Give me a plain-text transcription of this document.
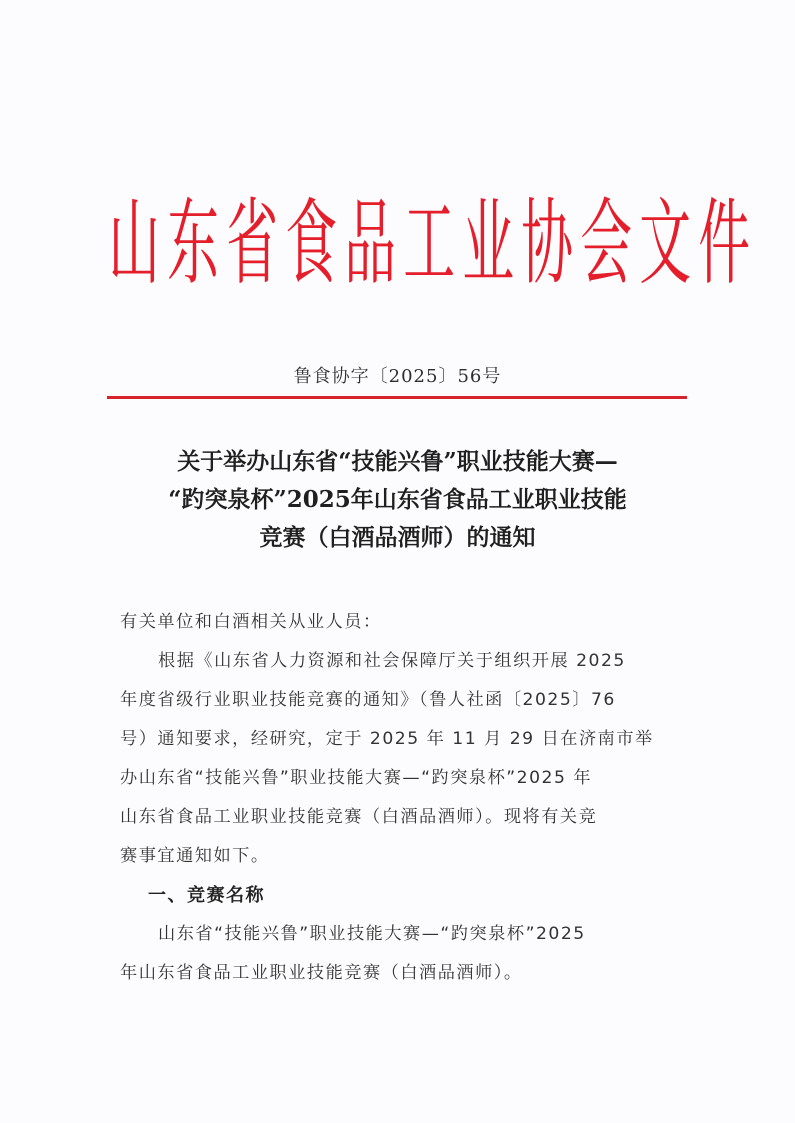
山 东 省 食 品 工 业 协 会 文 件
鲁食协字〔2025〕56号
关于举办山东省“技能兴鲁”职业技能大赛—
“趵突泉杯”2025年山东省食品工业职业技能
竞赛（白酒品酒师）的通知
有关单位和白酒相关从业人员：
根据《山东省人力资源和社会保障厅关于组织开展 2025
年度省级行业职业技能竞赛的通知》（鲁人社函〔2025〕76
号）通知要求，经研究，定于 2025 年 11 月 29 日在济南市举
办山东省“技能兴鲁”职业技能大赛—“趵突泉杯”2025 年
山东省食品工业职业技能竞赛（白酒品酒师）。现将有关竞
赛事宜通知如下。
一、竞赛名称
山东省“技能兴鲁”职业技能大赛—“趵突泉杯”2025
年山东省食品工业职业技能竞赛（白酒品酒师）。
